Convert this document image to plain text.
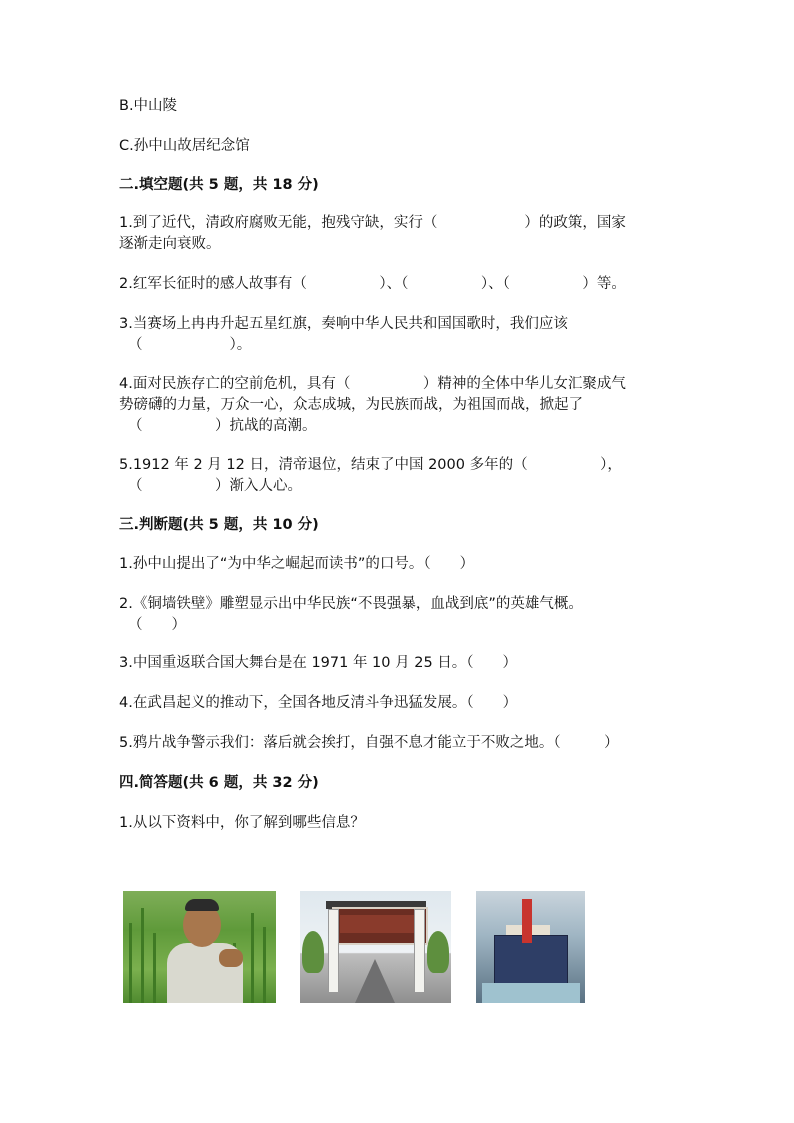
B.中山陵
C.孙中山故居纪念馆
二.填空题(共 5 题，共 18 分)
1.到了近代，清政府腐败无能，抱残守缺，实行（　　　　　　）的政策，国家
逐渐走向衰败。
2.红军长征时的感人故事有（　　　　　）、（　　　　　）、（　　　　　）等。
3.当赛场上冉冉升起五星红旗，奏响中华人民共和国国歌时，我们应该
（　　　　　　）。
4.面对民族存亡的空前危机，具有（　　　　　）精神的全体中华儿女汇聚成气
势磅礴的力量，万众一心，众志成城，为民族而战，为祖国而战，掀起了
（　　　　　）抗战的高潮。
5.1912 年 2 月 12 日，清帝退位，结束了中国 2000 多年的（　　　　　），
（　　　　　）渐入人心。
三.判断题(共 5 题，共 10 分)
1.孙中山提出了“为中华之崛起而读书”的口号。（　　）
2.《铜墙铁壁》雕塑显示出中华民族“不畏强暴，血战到底”的英雄气概。
（　　）
3.中国重返联合国大舞台是在 1971 年 10 月 25 日。（　　）
4.在武昌起义的推动下，全国各地反清斗争迅猛发展。（　　）
5.鸦片战争警示我们：落后就会挨打，自强不息才能立于不败之地。（　　　）
四.简答题(共 6 题，共 32 分)
1.从以下资料中，你了解到哪些信息？
